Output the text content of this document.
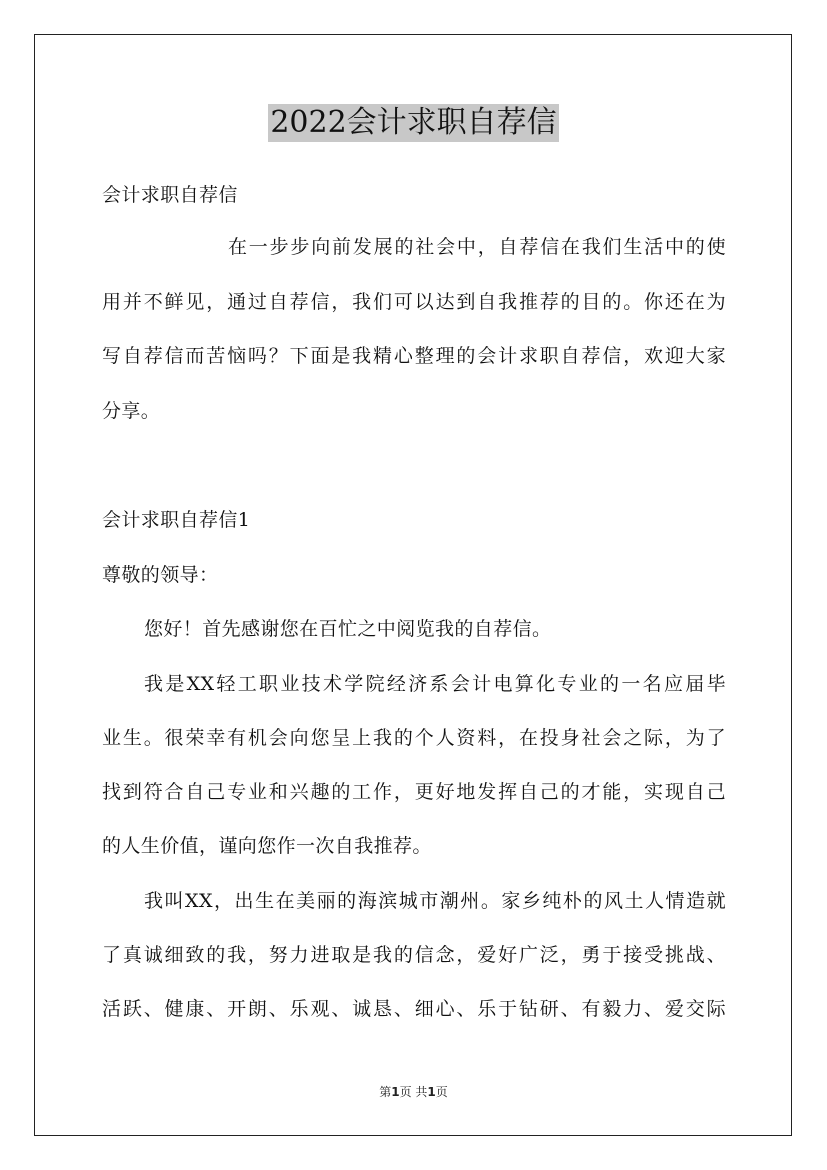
2022会计求职自荐信
会计求职自荐信
在一步步向前发展的社会中，自荐信在我们生活中的使
用并不鲜见，通过自荐信，我们可以达到自我推荐的目的。你还在为
写自荐信而苦恼吗？下面是我精心整理的会计求职自荐信，欢迎大家
分享。
会计求职自荐信1
尊敬的领导：
您好！首先感谢您在百忙之中阅览我的自荐信。
我是XX轻工职业技术学院经济系会计电算化专业的一名应届毕
业生。很荣幸有机会向您呈上我的个人资料，在投身社会之际，为了
找到符合自己专业和兴趣的工作，更好地发挥自己的才能，实现自己
的人生价值，谨向您作一次自我推荐。
我叫XX，出生在美丽的海滨城市潮州。家乡纯朴的风土人情造就
了真诚细致的我，努力进取是我的信念，爱好广泛，勇于接受挑战、
活跃、健康、开朗、乐观、诚恳、细心、乐于钻研、有毅力、爱交际
第1页 共1页
